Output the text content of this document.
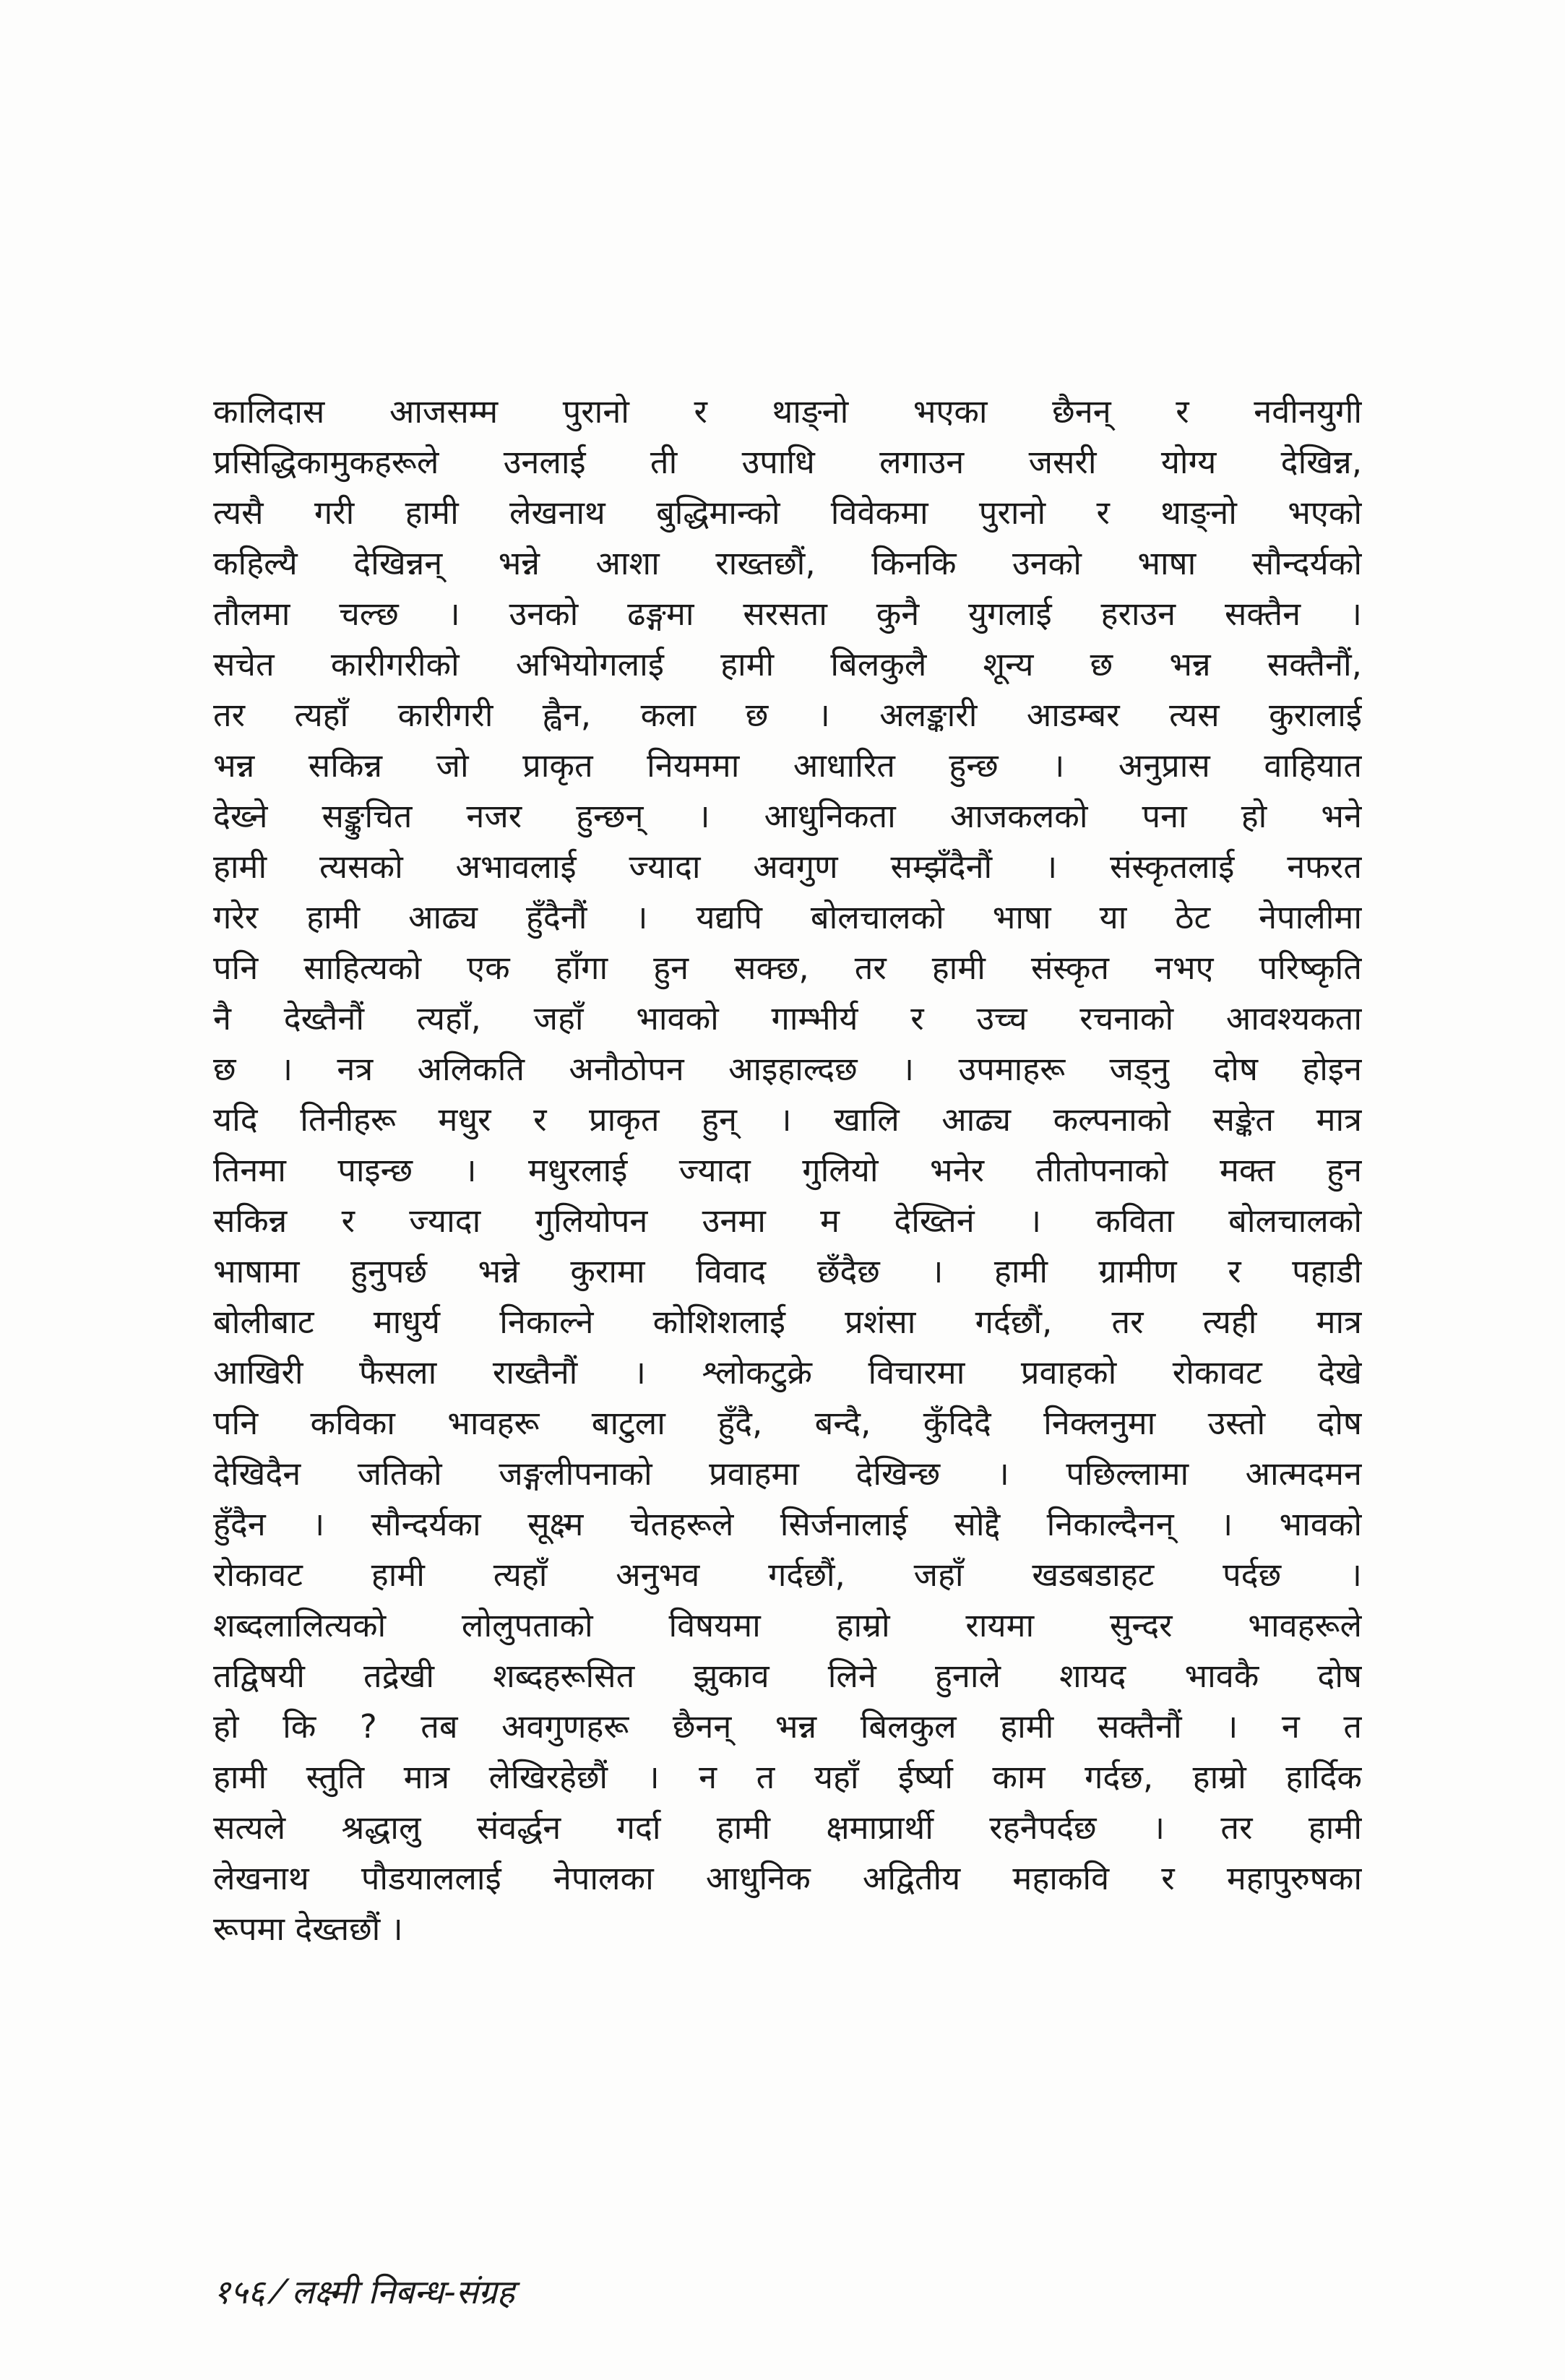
कालिदास आजसम्म पुरानो र थाङ्नो भएका छैनन् र नवीनयुगी
प्रसिद्धिकामुकहरूले उनलाई ती उपाधि लगाउन जसरी योग्य देखिन्न,
त्यसै गरी हामी लेखनाथ बुद्धिमान्को विवेकमा पुरानो र थाङ्नो भएको
कहिल्यै देखिन्नन् भन्ने आशा राख्तछौं, किनकि उनको भाषा सौन्दर्यको
तौलमा चल्छ । उनको ढङ्गमा सरसता कुनै युगलाई हराउन सक्तैन ।
सचेत कारीगरीको अभियोगलाई हामी बिलकुलै शून्य छ भन्न सक्तैनौं,
तर त्यहाँ कारीगरी ह्वैन, कला छ । अलङ्कारी आडम्बर त्यस कुरालाई
भन्न सकिन्न जो प्राकृत नियममा आधारित हुन्छ । अनुप्रास वाहियात
देख्ने सङ्कुचित नजर हुन्छन् । आधुनिकता आजकलको पना हो भने
हामी त्यसको अभावलाई ज्यादा अवगुण सम्झँदैनौं । संस्कृतलाई नफरत
गरेर हामी आढ्य हुँदैनौं । यद्यपि बोलचालको भाषा या ठेट नेपालीमा
पनि साहित्यको एक हाँगा हुन सक्छ, तर हामी संस्कृत नभए परिष्कृति
नै देख्तैनौं त्यहाँ, जहाँ भावको गाम्भीर्य र उच्च रचनाको आवश्यकता
छ । नत्र अलिकति अनौठोपन आइहाल्दछ । उपमाहरू जड्नु दोष होइन
यदि तिनीहरू मधुर र प्राकृत हुन् । खालि आढ्य कल्पनाको सङ्केत मात्र
तिनमा पाइन्छ । मधुरलाई ज्यादा गुलियो भनेर तीतोपनाको मक्त हुन
सकिन्न र ज्यादा गुलियोपन उनमा म देख्तिनं । कविता बोलचालको
भाषामा हुनुपर्छ भन्ने कुरामा विवाद छँदैछ । हामी ग्रामीण र पहाडी
बोलीबाट माधुर्य निकाल्ने कोशिशलाई प्रशंसा गर्दछौं, तर त्यही मात्र
आखिरी फैसला राख्तैनौं । श्लोकटुक्रे विचारमा प्रवाहको रोकावट देखे
पनि कविका भावहरू बाटुला हुँदै, बन्दै, कुँदिदै निक्लनुमा उस्तो दोष
देखिदैन जतिको जङ्गलीपनाको प्रवाहमा देखिन्छ । पछिल्लामा आत्मदमन
हुँदैन । सौन्दर्यका सूक्ष्म चेतहरूले सिर्जनालाई सोद्दै निकाल्दैनन् । भावको
रोकावट हामी त्यहाँ अनुभव गर्दछौं, जहाँ खडबडाहट पर्दछ ।
शब्दलालित्यको लोलुपताको विषयमा हाम्रो रायमा सुन्दर भावहरूले
तद्विषयी तद्रेखी शब्दहरूसित झुकाव लिने हुनाले शायद भावकै दोष
हो कि ? तब अवगुणहरू छैनन् भन्न बिलकुल हामी सक्तैनौं । न त
हामी स्तुति मात्र लेखिरहेछौं । न त यहाँ ईर्ष्या काम गर्दछ, हाम्रो हार्दिक
सत्यले श्रद्धालु संवर्द्धन गर्दा हामी क्षमाप्रार्थी रहनैपर्दछ । तर हामी
लेखनाथ पौडयाललाई नेपालका आधुनिक अद्वितीय महाकवि र महापुरुषका
रूपमा देख्तछौं ।
१५६ ⁄ लक्ष्मी निबन्ध-संग्रह
